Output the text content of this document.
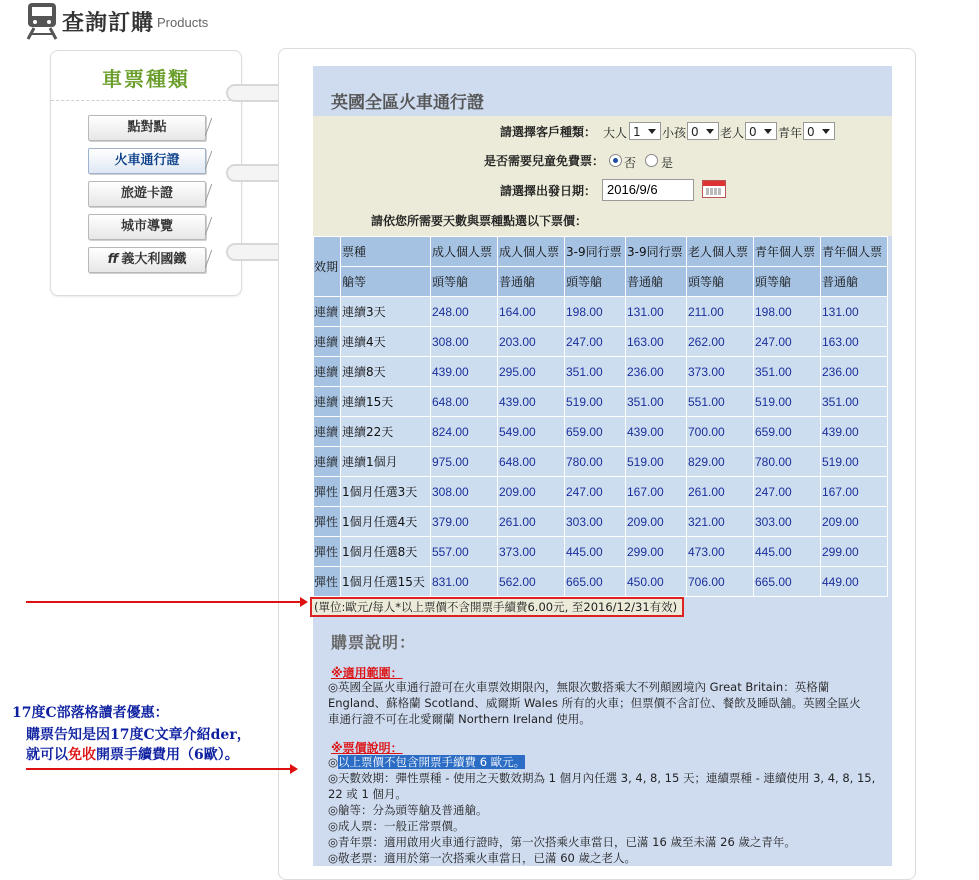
查詢訂購 Products
車票種類
點對點
火車通行證
旅遊卡證
城市導覽
ff 義大利國鐵
英國全區火車通行證
請選擇客戶種類： 大人 1	小孩 0	老人 0	青年 0
是否需要兒童免費票： 否 是
請選擇出發日期：
2016/9/6
請依您所需要天數與票種點選以下票價：
效期	票種	成人個人票	成人個人票	3-9同行票	3-9同行票	老人個人票	青年個人票	青年個人票
	艙等	頭等艙	普通艙	頭等艙	普通艙	頭等艙	頭等艙	普通艙
連續	連續3天	248.00	164.00	198.00	131.00	211.00	198.00	131.00
連續	連續4天	308.00	203.00	247.00	163.00	262.00	247.00	163.00
連續	連續8天	439.00	295.00	351.00	236.00	373.00	351.00	236.00
連續	連續15天	648.00	439.00	519.00	351.00	551.00	519.00	351.00
連續	連續22天	824.00	549.00	659.00	439.00	700.00	659.00	439.00
連續	連續1個月	975.00	648.00	780.00	519.00	829.00	780.00	519.00
彈性	1個月任選3天	308.00	209.00	247.00	167.00	261.00	247.00	167.00
彈性	1個月任選4天	379.00	261.00	303.00	209.00	321.00	303.00	209.00
彈性	1個月任選8天	557.00	373.00	445.00	299.00	473.00	445.00	299.00
彈性	1個月任選15天	831.00	562.00	665.00	450.00	706.00	665.00	449.00
(單位:歐元/每人*以上票價不含開票手續費6.00元, 至2016/12/31有效)
購票說明：
※適用範圍：
◎英國全區火車通行證可在火車票效期限內，無限次數搭乘大不列顛國境內 Great Britain：英格蘭
England、蘇格蘭 Scotland、威爾斯 Wales 所有的火車；但票價不含訂位、餐飲及睡臥舖。英國全區火
車通行證不可在北愛爾蘭 Northern Ireland 使用。
※票價說明：
◎以上票價不包含開票手續費 6 歐元。
◎天數效期：彈性票種 - 使用之天數效期為 1 個月內任選 3, 4, 8, 15 天；連續票種 - 連續使用 3, 4, 8, 15,
22 或 1 個月。
◎艙等：分為頭等艙及普通艙。
◎成人票：一般正常票價。
◎青年票：適用啟用火車通行證時，第一次搭乘火車當日，已滿 16 歲至未滿 26 歲之青年。
◎敬老票：適用於第一次搭乘火車當日，已滿 60 歲之老人。
17度C部落格讀者優惠：
購票告知是因17度C文章介紹der，
就可以免收開票手續費用（6歐）。
